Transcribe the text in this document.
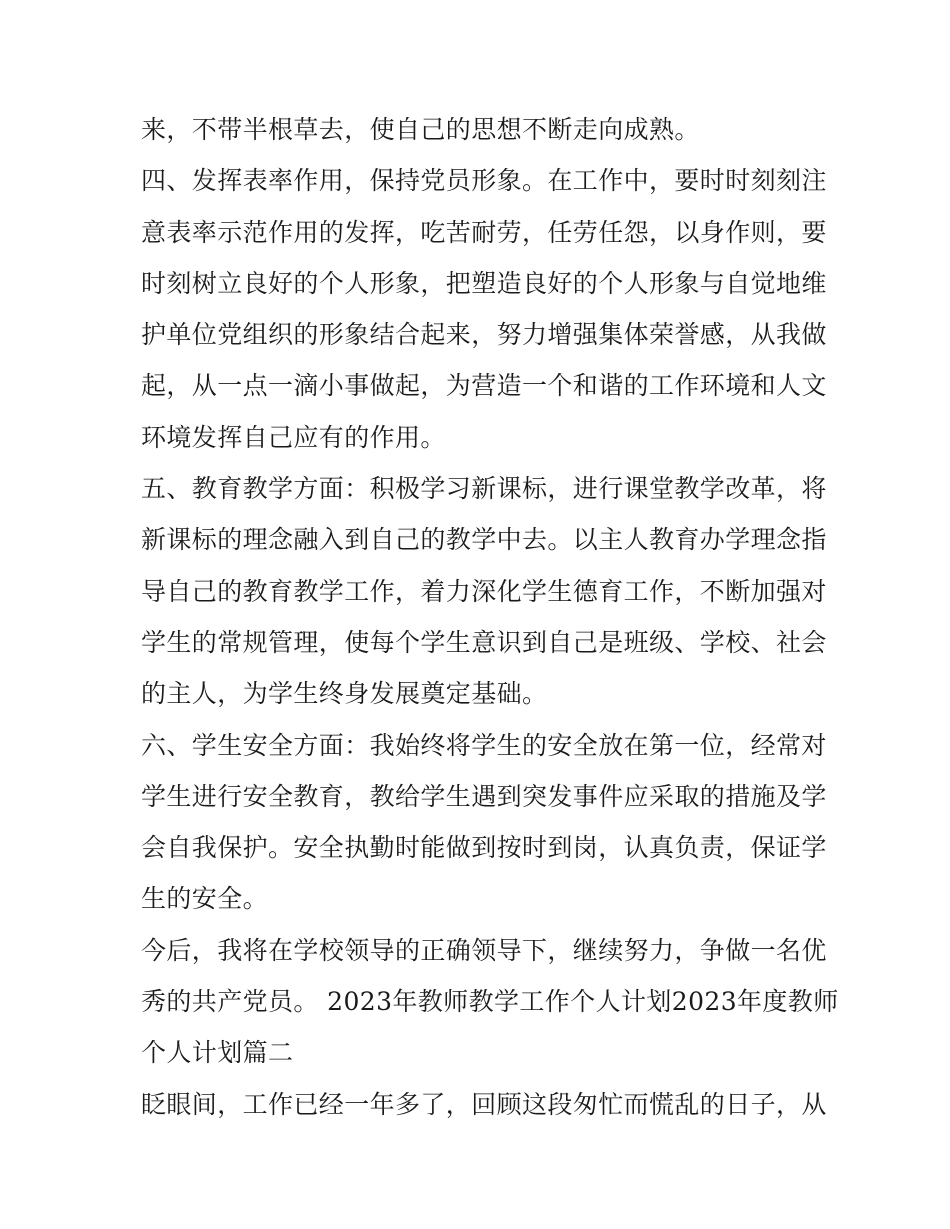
来，不带半根草去，使自己的思想不断走向成熟。
四、发挥表率作用，保持党员形象。在工作中，要时时刻刻注
意表率示范作用的发挥，吃苦耐劳，任劳任怨，以身作则，要
时刻树立良好的个人形象，把塑造良好的个人形象与自觉地维
护单位党组织的形象结合起来，努力增强集体荣誉感，从我做
起，从一点一滴小事做起，为营造一个和谐的工作环境和人文
环境发挥自己应有的作用。
五、教育教学方面：积极学习新课标，进行课堂教学改革，将
新课标的理念融入到自己的教学中去。以主人教育办学理念指
导自己的教育教学工作，着力深化学生德育工作，不断加强对
学生的常规管理，使每个学生意识到自己是班级、学校、社会
的主人，为学生终身发展奠定基础。
六、学生安全方面：我始终将学生的安全放在第一位，经常对
学生进行安全教育，教给学生遇到突发事件应采取的措施及学
会自我保护。安全执勤时能做到按时到岗，认真负责，保证学
生的安全。
今后，我将在学校领导的正确领导下，继续努力，争做一名优
秀的共产党员。 2023年教师教学工作个人计划2023年度教师
个人计划篇二
眨眼间，工作已经一年多了，回顾这段匆忙而慌乱的日子，从
